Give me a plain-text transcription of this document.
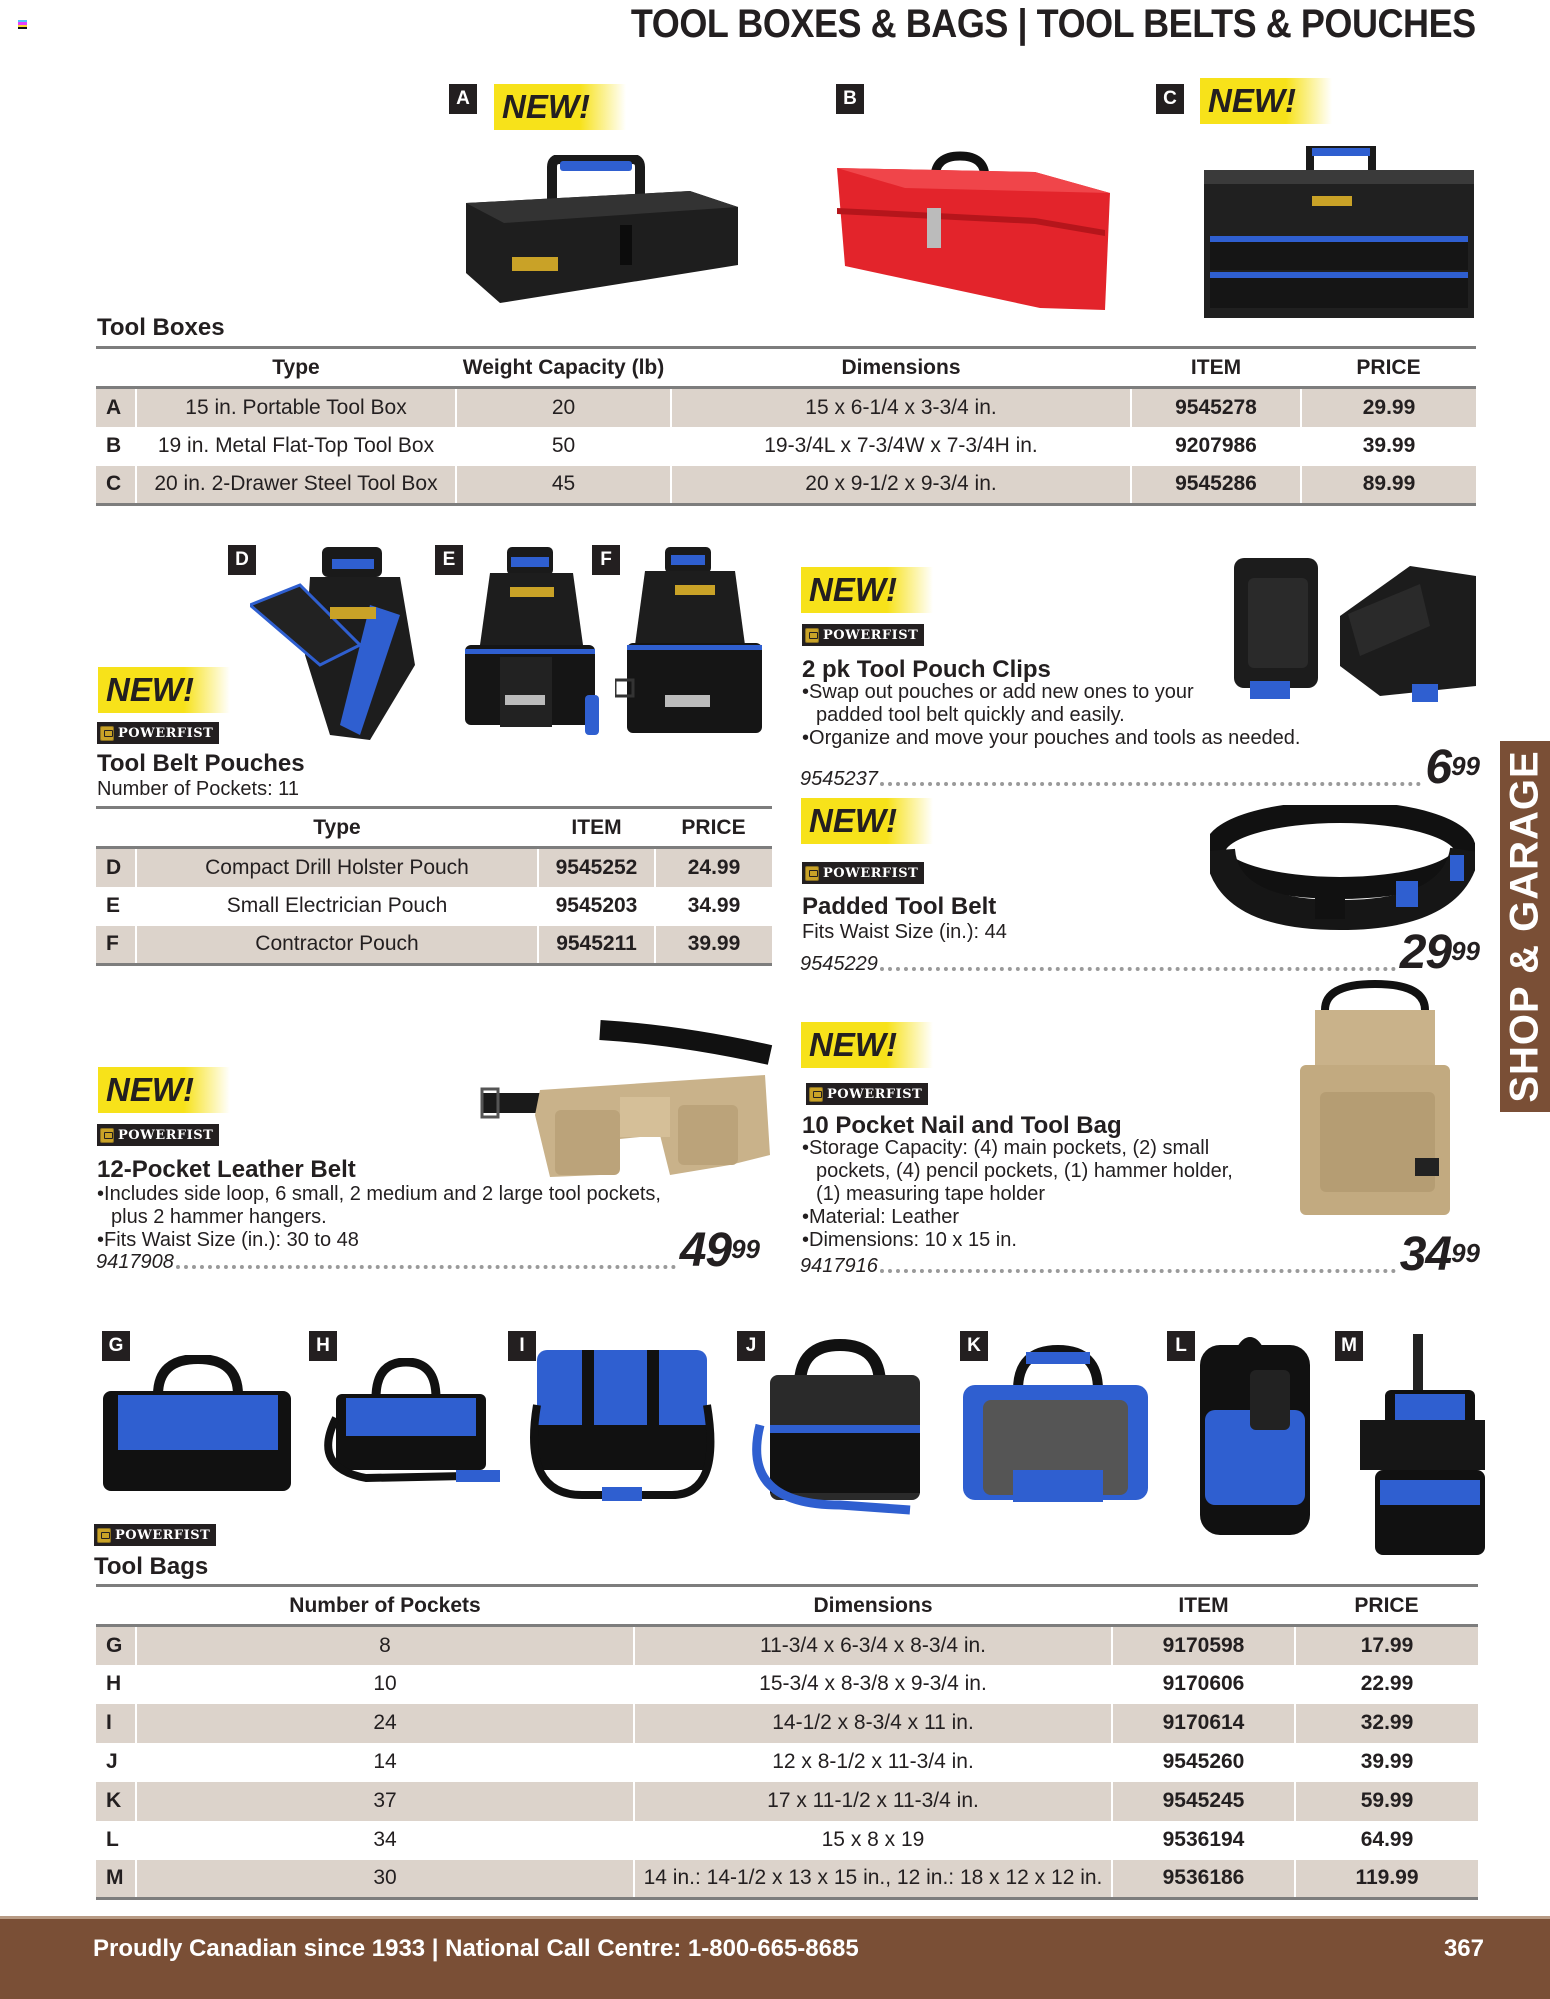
TOOL BOXES & BAGS | TOOL BELTS & POUCHES
A NEW!	B	C NEW!
Tool Boxes
	Type	Weight Capacity (lb)	Dimensions	ITEM	PRICE
A	15 in. Portable Tool Box	20	15 x 6-1/4 x 3-3/4 in.	9545278	29.99
B	19 in. Metal Flat-Top Tool Box	50	19-3/4L x 7-3/4W x 7-3/4H in.	9207986	39.99
C	20 in. 2-Drawer Steel Tool Box	45	20 x 9-1/2 x 9-3/4 in.	9545286	89.99
D	E	F
NEW!
POWERFIST
Tool Belt Pouches
Number of Pockets: 11
	Type	ITEM	PRICE
D	Compact Drill Holster Pouch	9545252	24.99
E	Small Electrician Pouch	9545203	34.99
F	Contractor Pouch	9545211	39.99
NEW!
POWERFIST
2 pk Tool Pouch Clips
•Swap out pouches or add new ones to your padded tool belt quickly and easily.
•Organize and move your pouches and tools as needed.
9545237	$6^{99}$
NEW!
POWERFIST
Padded Tool Belt
Fits Waist Size (in.): 44
9545229	$29^{99}$
NEW!
POWERFIST
12-Pocket Leather Belt
•Includes side loop, 6 small, 2 medium and 2 large tool pockets, plus 2 hammer hangers.
•Fits Waist Size (in.): 30 to 48
9417908	$49^{99}$
NEW!
POWERFIST
10 Pocket Nail and Tool Bag
•Storage Capacity: (4) main pockets, (2) small pockets, (4) pencil pockets, (1) hammer holder, (1) measuring tape holder
•Material: Leather
•Dimensions: 10 x 15 in.
9417916	$34^{99}$
SHOP & GARAGE
G	H	I	J	K	L	M
POWERFIST
Tool Bags
	Number of Pockets	Dimensions	ITEM	PRICE
G	8	11-3/4 x 6-3/4 x 8-3/4 in.	9170598	17.99
H	10	15-3/4 x 8-3/8 x 9-3/4 in.	9170606	22.99
I	24	14-1/2 x 8-3/4 x 11 in.	9170614	32.99
J	14	12 x 8-1/2 x 11-3/4 in.	9545260	39.99
K	37	17 x 11-1/2 x 11-3/4 in.	9545245	59.99
L	34	15 x 8 x 19	9536194	64.99
M	30	14 in.: 14-1/2 x 13 x 15 in., 12 in.: 18 x 12 x 12 in.	9536186	119.99
Proudly Canadian since 1933 | National Call Centre: 1-800-665-8685	367
